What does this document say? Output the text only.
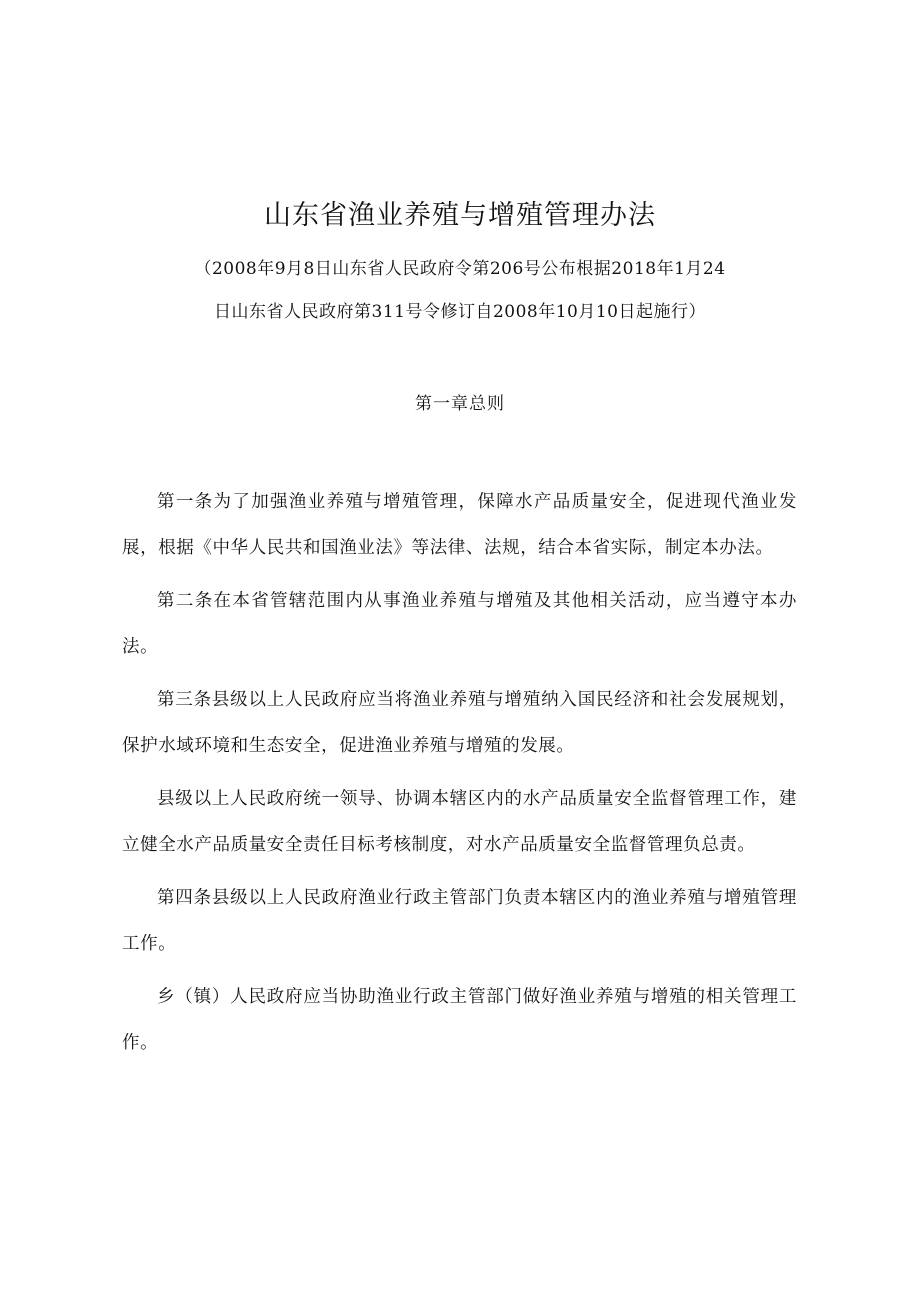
山东省渔业养殖与增殖管理办法
（2008年9月8日山东省人民政府令第206号公布根据2018年1月24
日山东省人民政府第311号令修订自2008年10月10日起施行）
第一章总则

第一条为了加强渔业养殖与增殖管理，保障水产品质量安全，促进现代渔业发展，根据《中华人民共和国渔业法》等法律、法规，结合本省实际，制定本办法。

第二条在本省管辖范围内从事渔业养殖与增殖及其他相关活动，应当遵守本办法。

第三条县级以上人民政府应当将渔业养殖与增殖纳入国民经济和社会发展规划，保护水域环境和生态安全，促进渔业养殖与增殖的发展。

县级以上人民政府统一领导、协调本辖区内的水产品质量安全监督管理工作，建立健全水产品质量安全责任目标考核制度，对水产品质量安全监督管理负总责。

第四条县级以上人民政府渔业行政主管部门负责本辖区内的渔业养殖与增殖管理工作。

乡（镇）人民政府应当协助渔业行政主管部门做好渔业养殖与增殖的相关管理工作。
